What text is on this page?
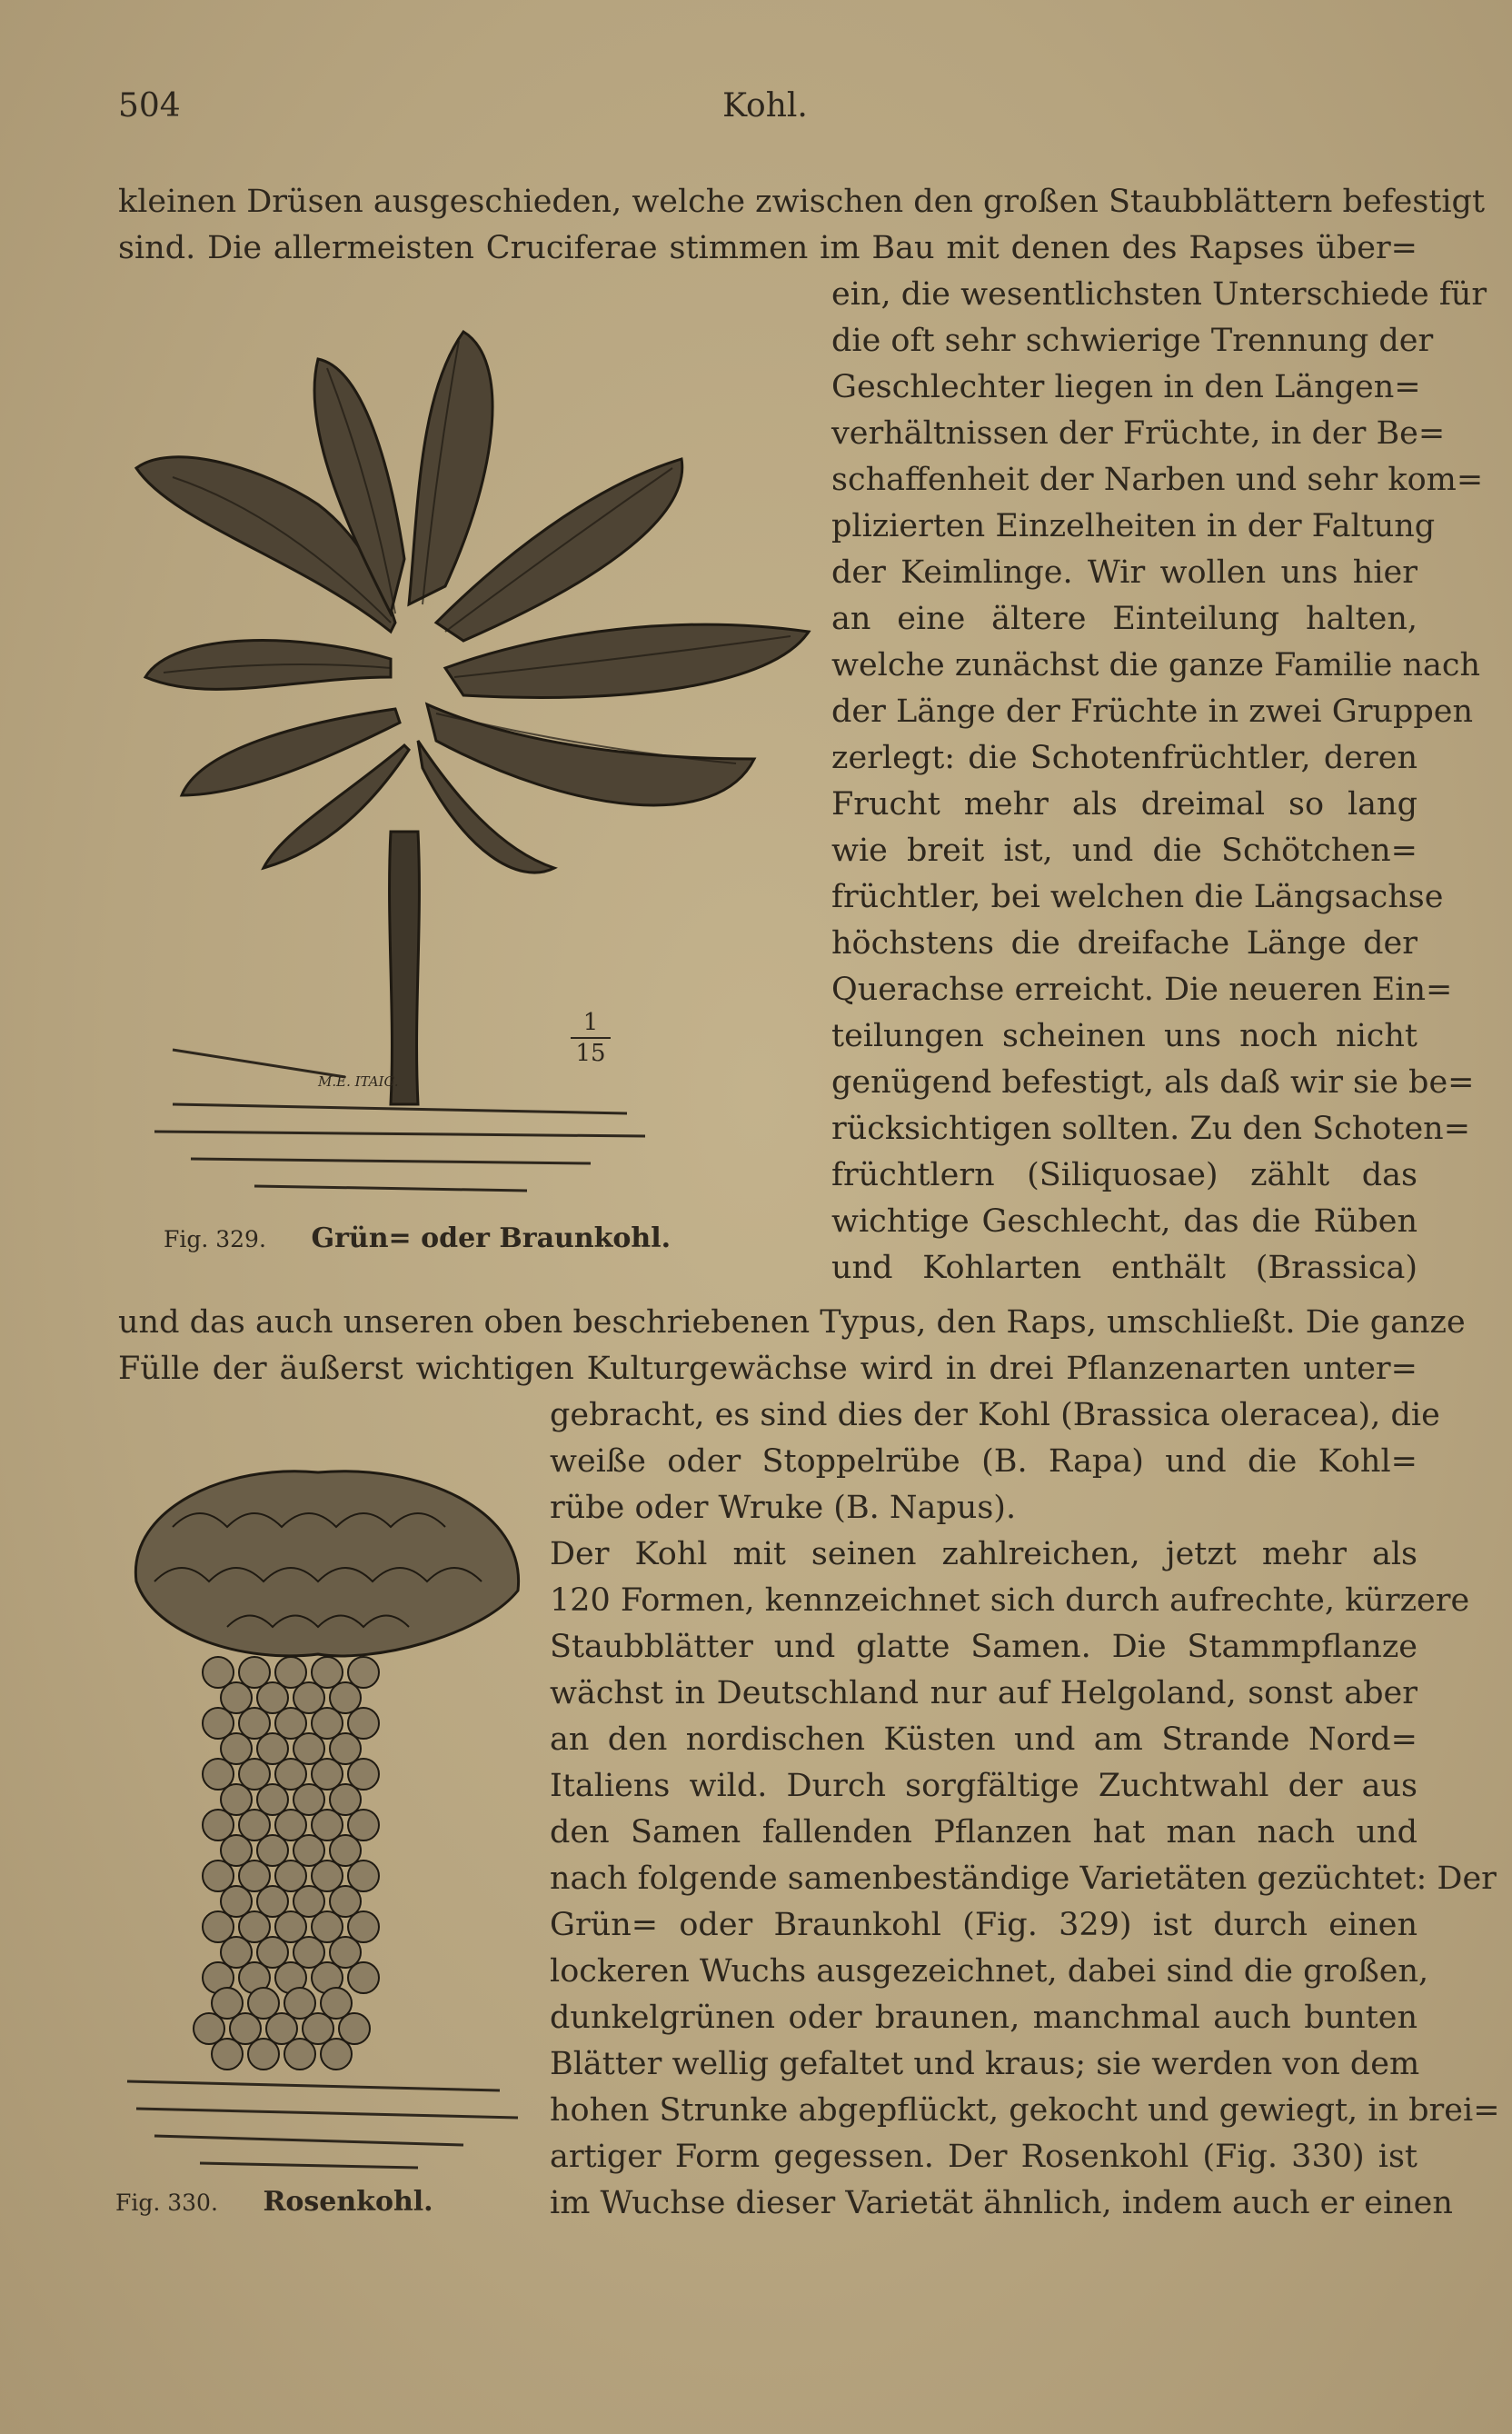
504	Kohl.
kleinen Drüsen ausgeschieden, welche zwischen den großen Staubblättern befestigt
sind. Die allermeisten Cruciferae stimmen im Bau mit denen des Rapses über=
ein, die wesentlichsten Unterschiede für
die oft sehr schwierige Trennung der
Geschlechter liegen in den Längen=
verhältnissen der Früchte, in der Be=
schaffenheit der Narben und sehr kom=
plizierten Einzelheiten in der Faltung
der Keimlinge. Wir wollen uns hier
an eine ältere Einteilung halten,
welche zunächst die ganze Familie nach
der Länge der Früchte in zwei Gruppen
zerlegt: die Schotenfrüchtler, deren
Frucht mehr als dreimal so lang
wie breit ist, und die Schötchen=
früchtler, bei welchen die Längsachse
höchstens die dreifache Länge der
Querachse erreicht. Die neueren Ein=
teilungen scheinen uns noch nicht
genügend befestigt, als daß wir sie be=
rücksichtigen sollten. Zu den Schoten=
früchtlern (Siliquosae) zählt das
wichtige Geschlecht, das die Rüben
und Kohlarten enthält (Brassica)
und das auch unseren oben beschriebenen Typus, den Raps, umschließt. Die ganze
Fülle der äußerst wichtigen Kulturgewächse wird in drei Pflanzenarten unter=
gebracht, es sind dies der Kohl (Brassica oleracea), die
weiße oder Stoppelrübe (B. Rapa) und die Kohl=
rübe oder Wruke (B. Napus).
Der Kohl mit seinen zahlreichen, jetzt mehr als
120 Formen, kennzeichnet sich durch aufrechte, kürzere
Staubblätter und glatte Samen. Die Stammpflanze
wächst in Deutschland nur auf Helgoland, sonst aber
an den nordischen Küsten und am Strande Nord=
Italiens wild. Durch sorgfältige Zuchtwahl der aus
den Samen fallenden Pflanzen hat man nach und
nach folgende samenbeständige Varietäten gezüchtet: Der
Grün= oder Braunkohl (Fig. 329) ist durch einen
lockeren Wuchs ausgezeichnet, dabei sind die großen,
dunkelgrünen oder braunen, manchmal auch bunten
Blätter wellig gefaltet und kraus; sie werden von dem
hohen Strunke abgepflückt, gekocht und gewiegt, in brei=
artiger Form gegessen. Der Rosenkohl (Fig. 330) ist
im Wuchse dieser Varietät ähnlich, indem auch er einen
M.E. ITAIG.
1
15
Fig. 329. Grün= oder Braunkohl.
Fig. 330. Rosenkohl.
